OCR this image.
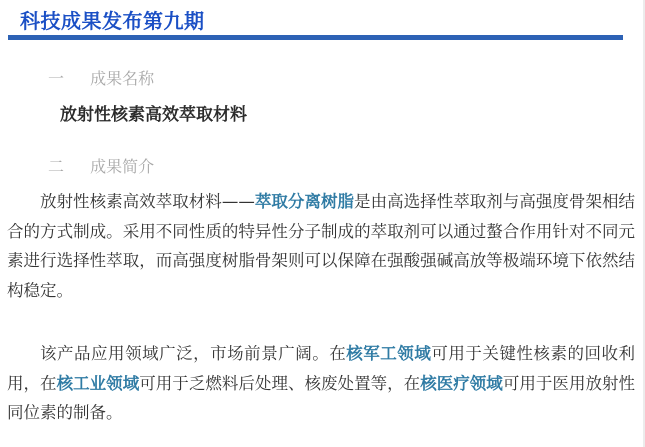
科技成果发布第九期
一 成果名称

放射性核素高效萃取材料

二 成果简介

放射性核素高效萃取材料——萃取分离树脂是由高选择性萃取剂与高强度骨架相结合的方式制成。采用不同性质的特异性分子制成的萃取剂可以通过螯合作用针对不同元素进行选择性萃取，而高强度树脂骨架则可以保障在强酸强碱高放等极端环境下依然结构稳定。

该产品应用领域广泛，市场前景广阔。在核军工领域可用于关键性核素的回收利用，在核工业领域可用于乏燃料后处理、核废处置等，在核医疗领域可用于医用放射性同位素的制备。
